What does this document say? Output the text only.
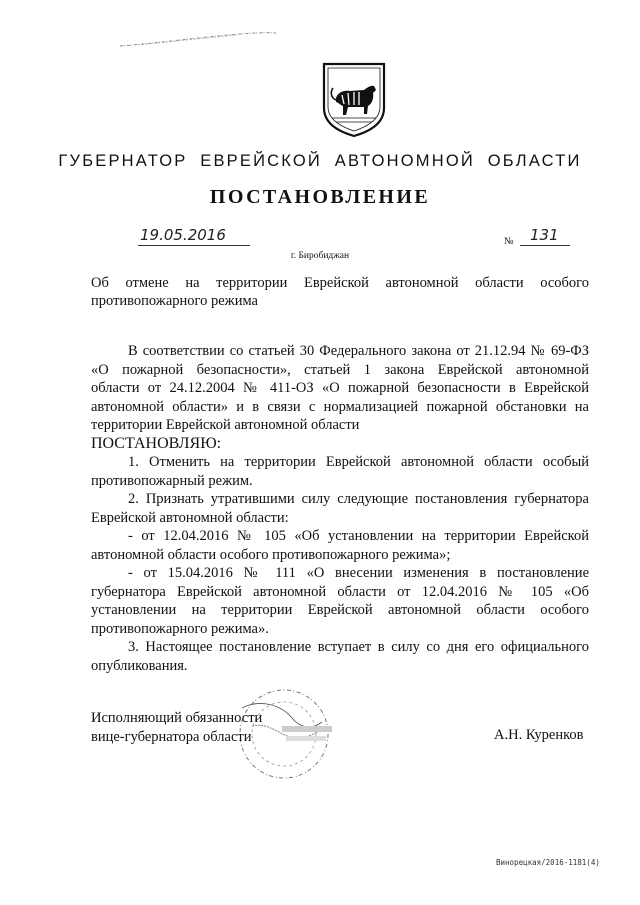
ГУБЕРНАТОР ЕВРЕЙСКОЙ АВТОНОМНОЙ ОБЛАСТИ
ПОСТАНОВЛЕНИЕ
19.05.2016	№ 131
г. Биробиджан
Об отмене на территории Еврейской автономной области особого
противопожарного режима
В соответствии со статьей 30 Федерального закона от 21.12.94 № 69-ФЗ
«О пожарной безопасности», статьей 1 закона Еврейской автономной
области от 24.12.2004 № 411-ОЗ «О пожарной безопасности в Еврейской
автономной области» и в связи с нормализацией пожарной обстановки на
территории Еврейской автономной области
ПОСТАНОВЛЯЮ:
1. Отменить на территории Еврейской автономной области особый
противопожарный режим.
2. Признать утратившими силу следующие постановления губернатора
Еврейской автономной области:
- от 12.04.2016 № 105 «Об установлении на территории Еврейской
автономной области особого противопожарного режима»;
- от 15.04.2016 № 111 «О внесении изменения в постановление
губернатора Еврейской автономной области от 12.04.2016 № 105 «Об
установлении на территории Еврейской автономной области особого
противопожарного режима».
3. Настоящее постановление вступает в силу со дня его официального
опубликования.
Исполняющий обязанности
вице-губернатора области	А.Н. Куренков
Винорецкая/2016-1181(4)
